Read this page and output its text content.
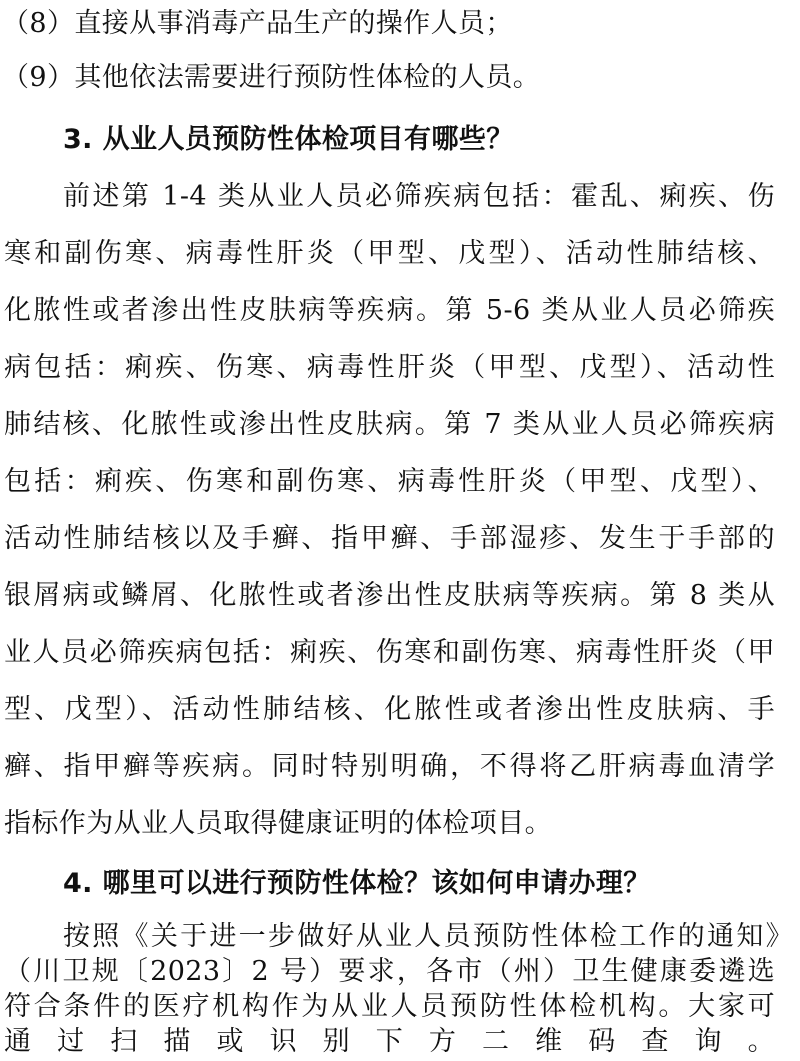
（8）直接从事消毒产品生产的操作人员；
（9）其他依法需要进行预防性体检的人员。
3. 从业人员预防性体检项目有哪些？
前述第 1-4 类从业人员必筛疾病包括：霍乱、痢疾、伤
寒和副伤寒、病毒性肝炎（甲型、戊型）、活动性肺结核、
化脓性或者渗出性皮肤病等疾病。第 5-6 类从业人员必筛疾
病包括：痢疾、伤寒、病毒性肝炎（甲型、戊型）、活动性
肺结核、化脓性或渗出性皮肤病。第 7 类从业人员必筛疾病
包括：痢疾、伤寒和副伤寒、病毒性肝炎（甲型、戊型）、
活动性肺结核以及手癣、指甲癣、手部湿疹、发生于手部的
银屑病或鳞屑、化脓性或者渗出性皮肤病等疾病。第 8 类从
业人员必筛疾病包括：痢疾、伤寒和副伤寒、病毒性肝炎（甲
型、戊型）、活动性肺结核、化脓性或者渗出性皮肤病、手
癣、指甲癣等疾病。同时特别明确，不得将乙肝病毒血清学
指标作为从业人员取得健康证明的体检项目。
4. 哪里可以进行预防性体检？该如何申请办理？
按照《关于进一步做好从业人员预防性体检工作的通知》
（川卫规〔2023〕2 号）要求，各市（州）卫生健康委遴选
符合条件的医疗机构作为从业人员预防性体检机构。大家可
通过扫描或识别下方二维码查询。
